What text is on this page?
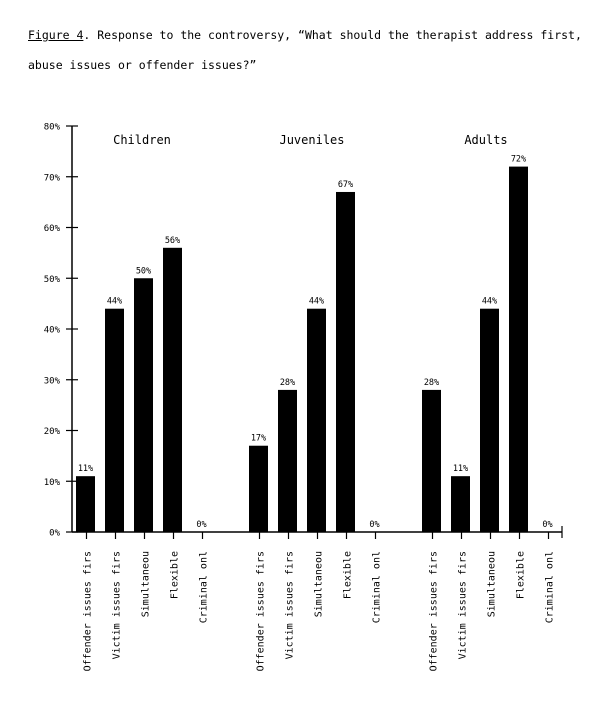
Figure 4. Response to the controversy, “What should the therapist address first, abuse issues or offender issues?”
0%
10%
20%
30%
40%
50%
60%
70%
80%
Children
11%
Offender issues firs
44%
Victim issues firs
50%
Simultaneou
56%
Flexible
0%
Criminal onl
Juveniles
17%
Offender issues firs
28%
Victim issues firs
44%
Simultaneou
67%
Flexible
0%
Criminal onl
Adults
28%
Offender issues firs
11%
Victim issues firs
44%
Simultaneou
72%
Flexible
0%
Criminal onl
